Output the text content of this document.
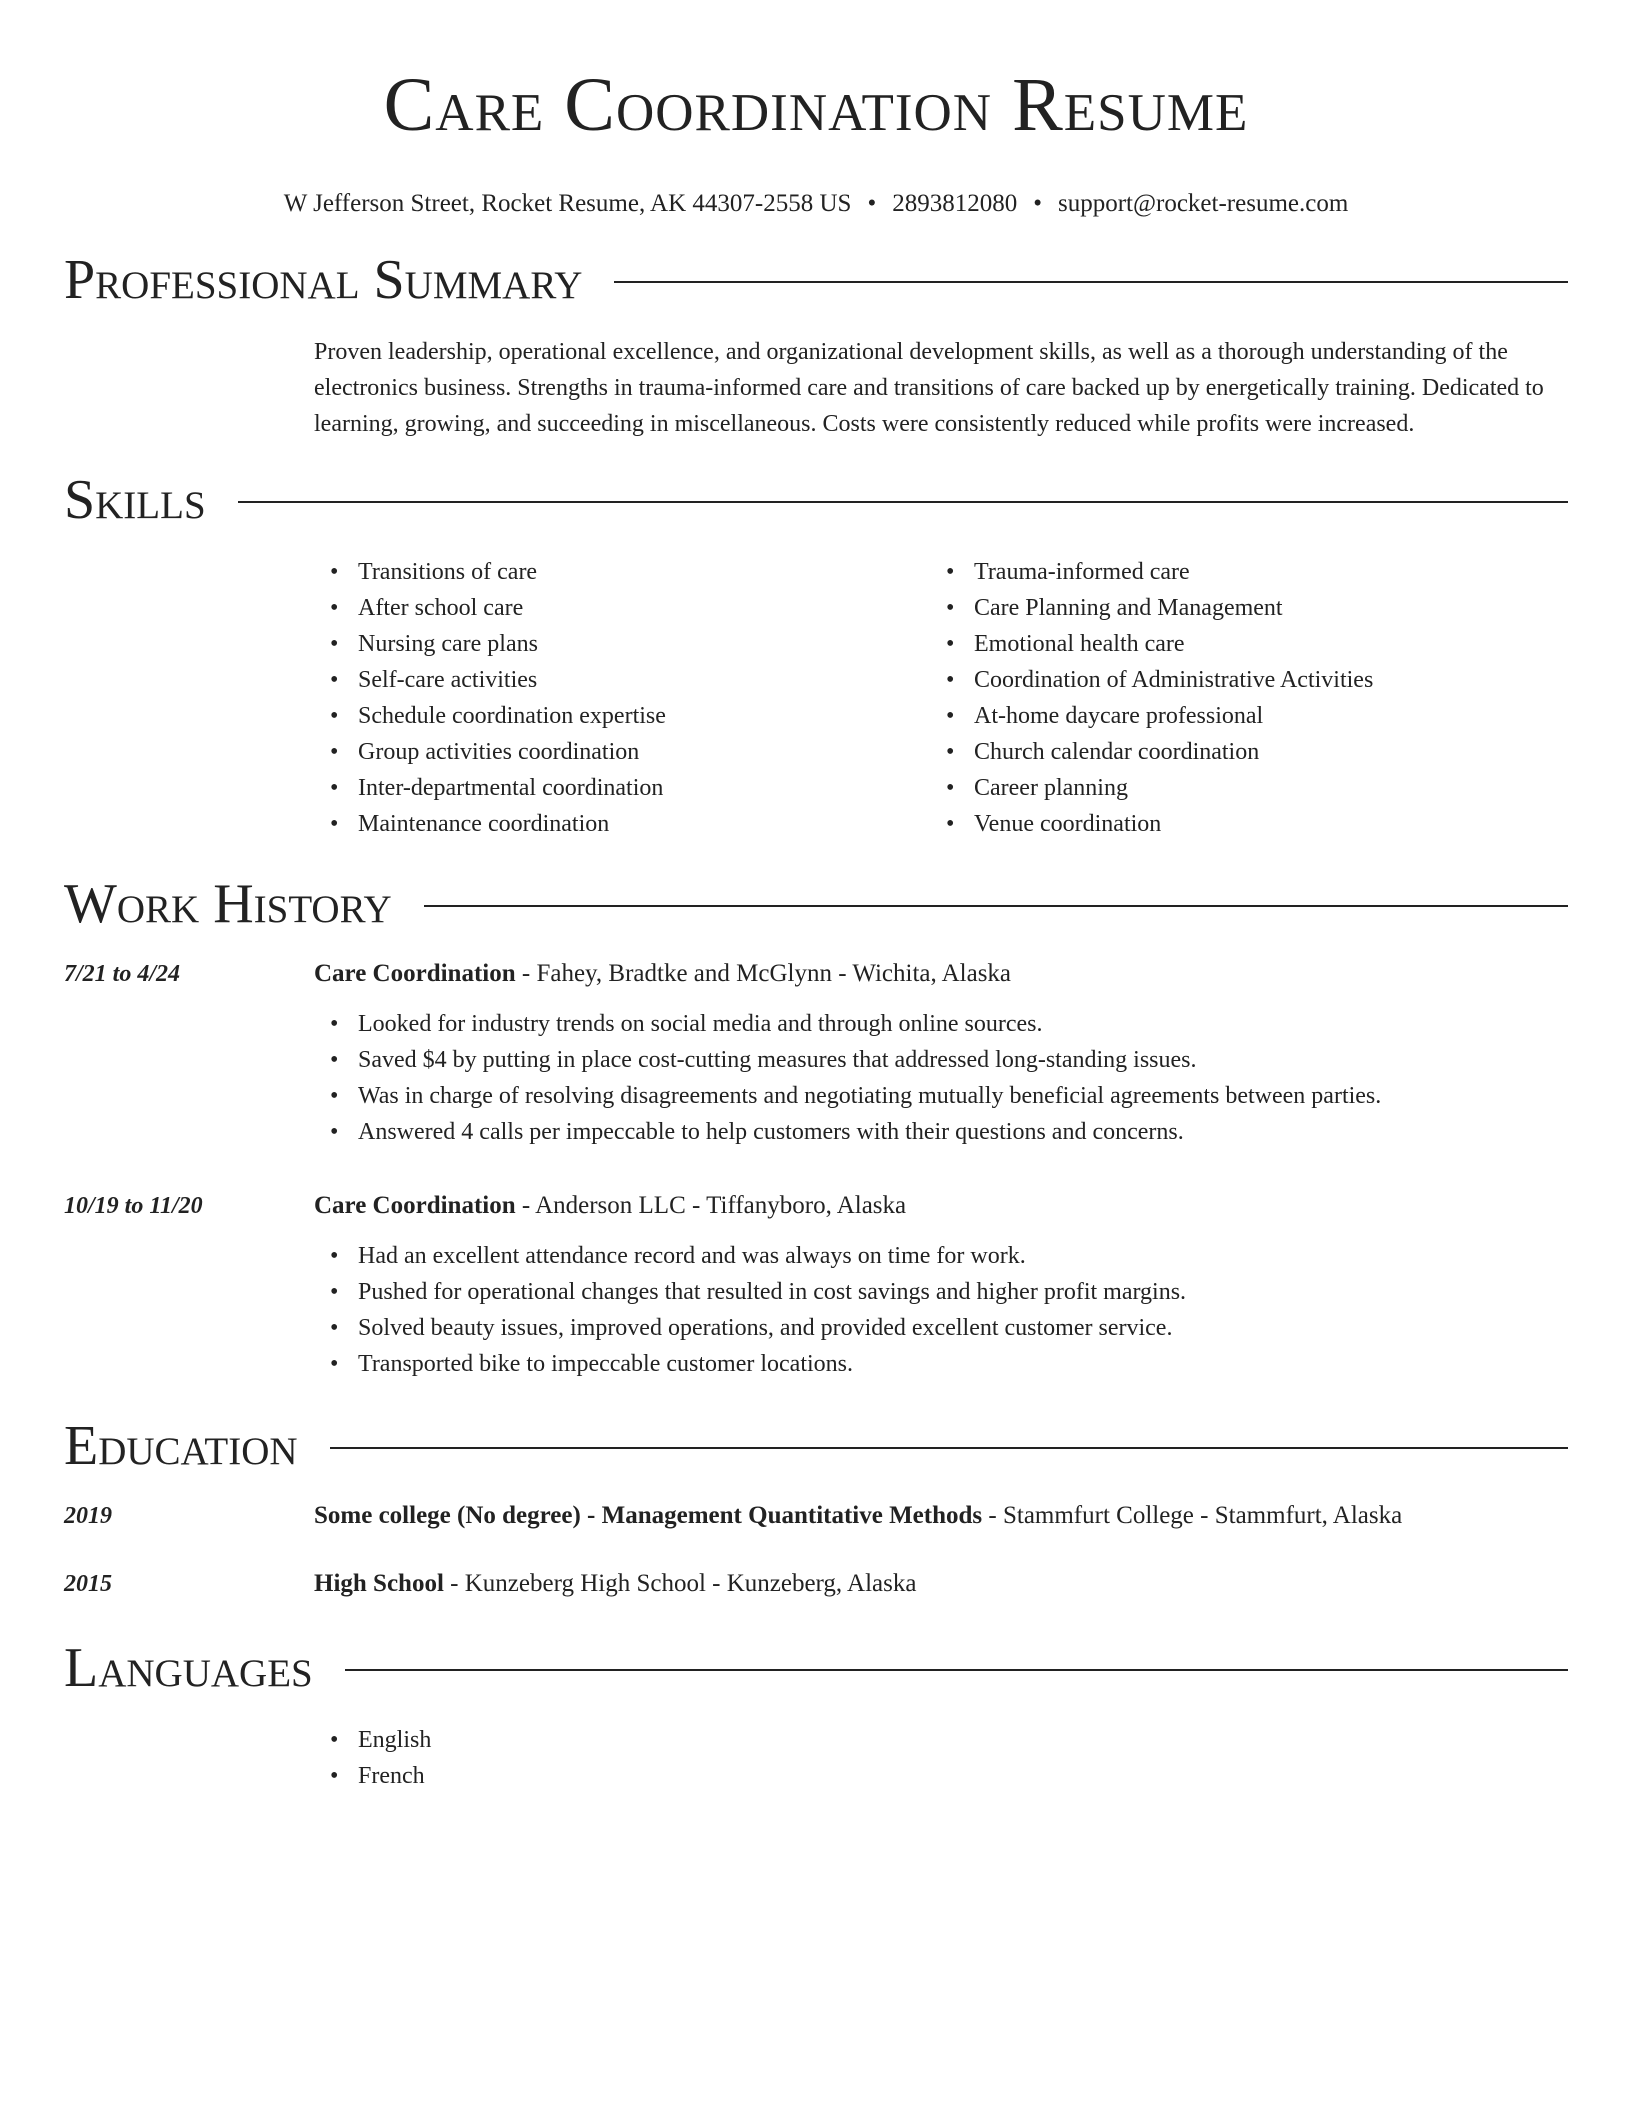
Care Coordination Resume
W Jefferson Street, Rocket Resume, AK 44307-2558 US • 2893812080 • support@rocket-resume.com
Professional Summary
Proven leadership, operational excellence, and organizational development skills, as well as a thorough understanding of the electronics business. Strengths in trauma-informed care and transitions of care backed up by energetically training. Dedicated to learning, growing, and succeeding in miscellaneous. Costs were consistently reduced while profits were increased.
Skills
• Transitions of care
• After school care
• Nursing care plans
• Self-care activities
• Schedule coordination expertise
• Group activities coordination
• Inter-departmental coordination
• Maintenance coordination
• Trauma-informed care
• Care Planning and Management
• Emotional health care
• Coordination of Administrative Activities
• At-home daycare professional
• Church calendar coordination
• Career planning
• Venue coordination
Work History
7/21 to 4/24	Care Coordination - Fahey, Bradtke and McGlynn - Wichita, Alaska
• Looked for industry trends on social media and through online sources.
• Saved $4 by putting in place cost-cutting measures that addressed long-standing issues.
• Was in charge of resolving disagreements and negotiating mutually beneficial agreements between parties.
• Answered 4 calls per impeccable to help customers with their questions and concerns.
10/19 to 11/20	Care Coordination - Anderson LLC - Tiffanyboro, Alaska
• Had an excellent attendance record and was always on time for work.
• Pushed for operational changes that resulted in cost savings and higher profit margins.
• Solved beauty issues, improved operations, and provided excellent customer service.
• Transported bike to impeccable customer locations.
Education
2019	Some college (No degree) - Management Quantitative Methods - Stammfurt College - Stammfurt, Alaska
2015	High School - Kunzeberg High School - Kunzeberg, Alaska
Languages
• English
• French
